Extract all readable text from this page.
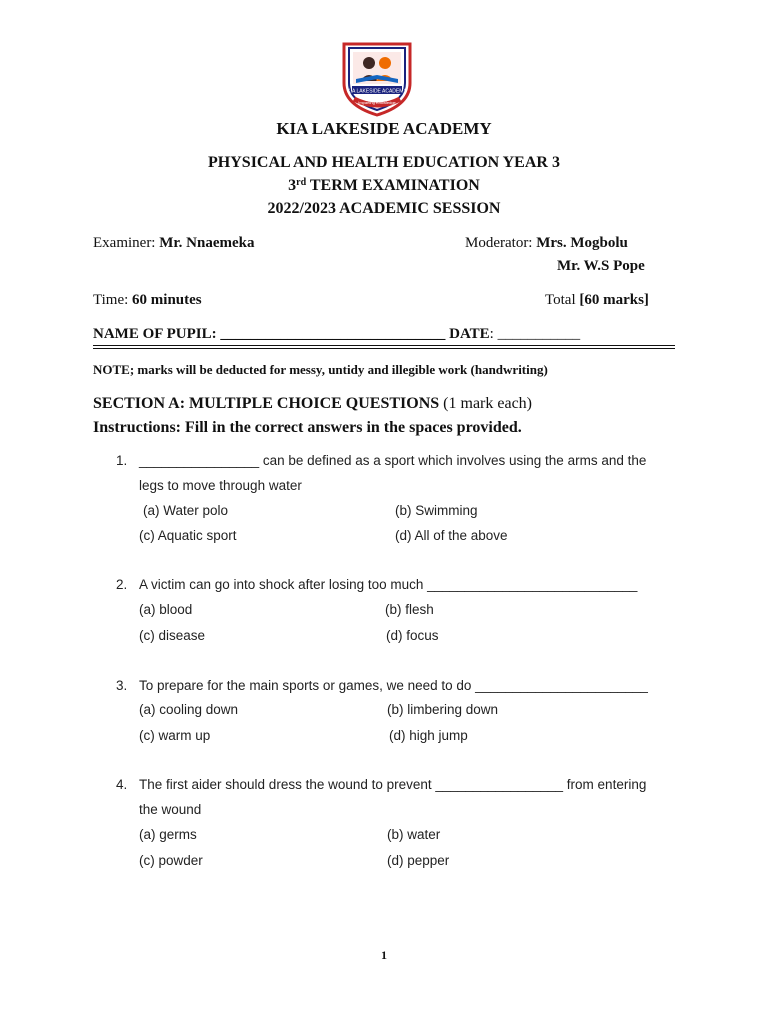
KIA LAKESIDE ACADEMY
Imparting Knowledge
KIA LAKESIDE ACADEMY
PHYSICAL AND HEALTH EDUCATION YEAR 3
3rd TERM EXAMINATION
2022/2023 ACADEMIC SESSION
Examiner: Mr. Nnaemeka	Moderator: Mrs. Mogbolu
Mr. W.S Pope
Time: 60 minutes	Total [60 marks]
NAME OF PUPIL: ______________________________ DATE: ___________
NOTE; marks will be deducted for messy, untidy and illegible work (handwriting)
SECTION A: MULTIPLE CHOICE QUESTIONS (1 mark each)
Instructions: Fill in the correct answers in the spaces provided.
1. ________________ can be defined as a sport which involves using the arms and the
legs to move through water
(a) Water polo	(b) Swimming
(c) Aquatic sport	(d) All of the above
2. A victim can go into shock after losing too much ____________________________
(a) blood	(b) flesh
(c) disease	(d) focus
3. To prepare for the main sports or games, we need to do _______________________
(a) cooling down	(b) limbering down
(c) warm up	(d) high jump
4. The first aider should dress the wound to prevent _________________ from entering
the wound
(a) germs	(b) water
(c) powder	(d) pepper
1
